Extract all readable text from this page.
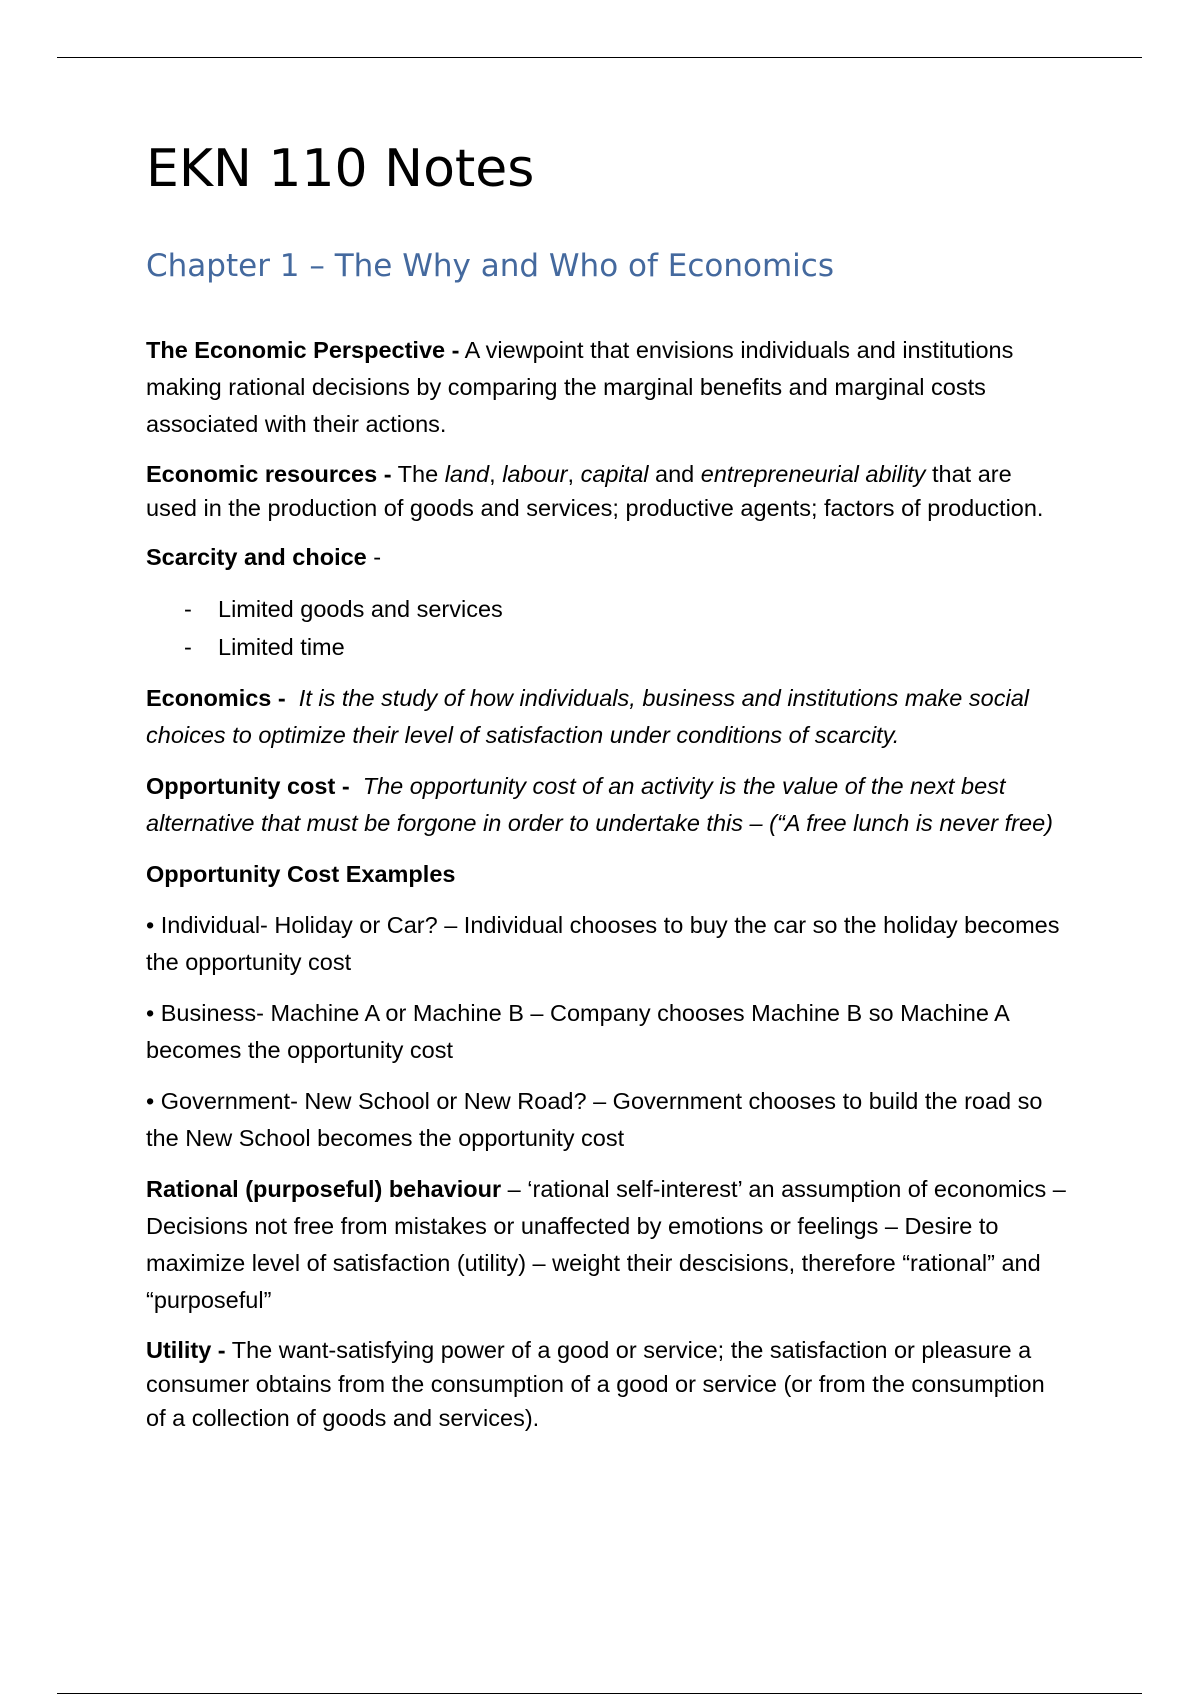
EKN 110 Notes
Chapter 1 – The Why and Who of Economics

The Economic Perspective - A viewpoint that envisions individuals and institutions making rational decisions by comparing the marginal benefits and marginal costs associated with their actions.

Economic resources - The land, labour, capital and entrepreneurial ability that are used in the production of goods and services; productive agents; factors of production.

Scarcity and choice -

- Limited goods and services
- Limited time

Economics - It is the study of how individuals, business and institutions make social choices to optimize their level of satisfaction under conditions of scarcity.

Opportunity cost - The opportunity cost of an activity is the value of the next best alternative that must be forgone in order to undertake this – (“A free lunch is never free)

Opportunity Cost Examples

• Individual- Holiday or Car? – Individual chooses to buy the car so the holiday becomes the opportunity cost

• Business- Machine A or Machine B – Company chooses Machine B so Machine A becomes the opportunity cost

• Government- New School or New Road? – Government chooses to build the road so the New School becomes the opportunity cost

Rational (purposeful) behaviour – ‘rational self-interest’ an assumption of economics – Decisions not free from mistakes or unaffected by emotions or feelings – Desire to maximize level of satisfaction (utility) – weight their descisions, therefore “rational” and “purposeful”

Utility - The want-satisfying power of a good or service; the satisfaction or pleasure a consumer obtains from the consumption of a good or service (or from the consumption of a collection of goods and services).
